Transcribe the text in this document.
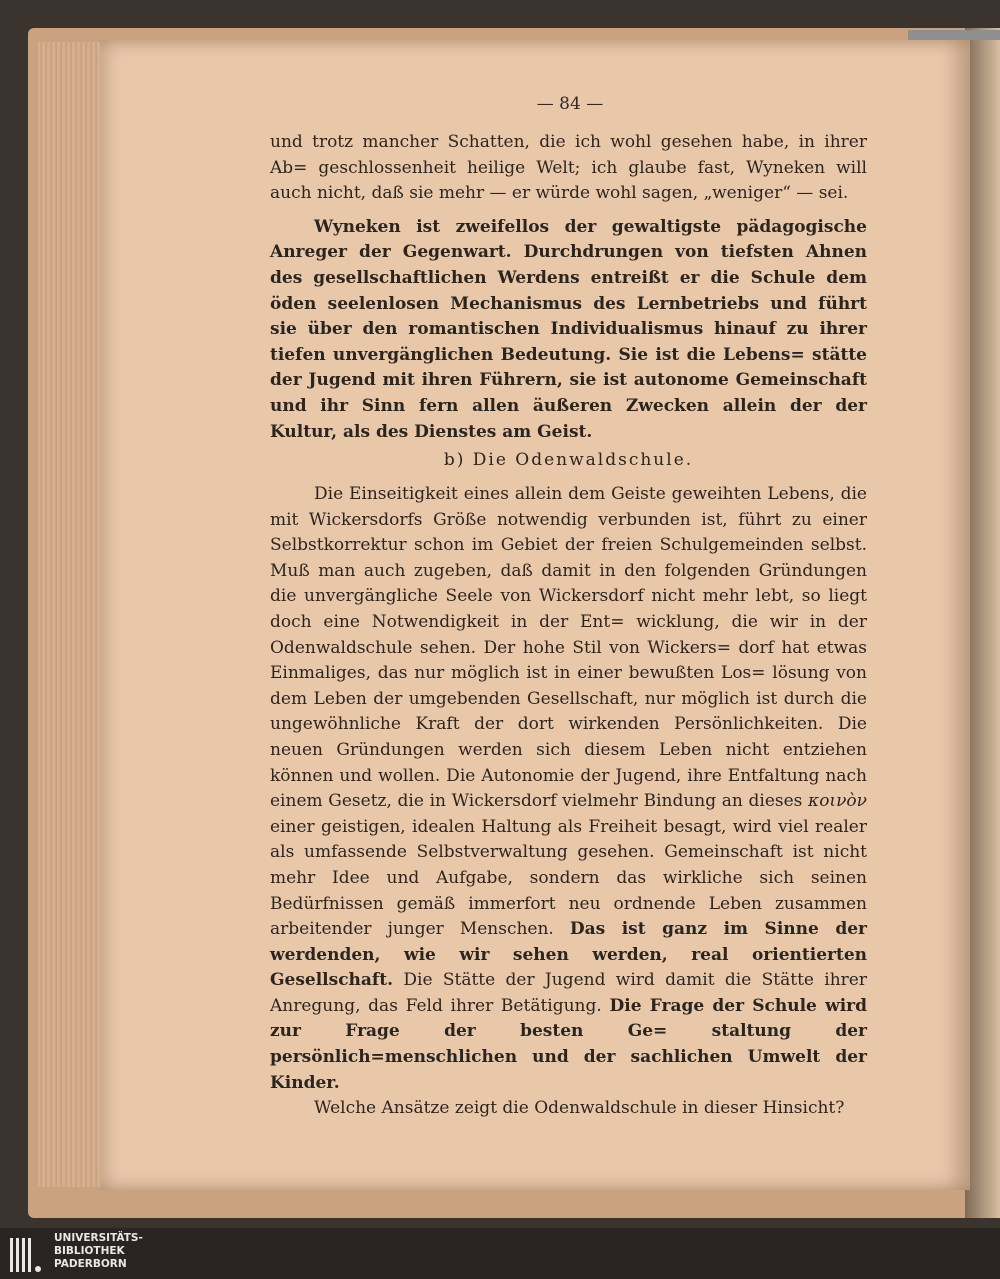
— 84 —

und trotz mancher Schatten, die ich wohl gesehen habe, in ihrer Ab= geschlossenheit heilige Welt; ich glaube fast, Wyneken will auch nicht, daß sie mehr — er würde wohl sagen, „weniger“ — sei.

Wyneken ist zweifellos der gewaltigste pädagogische Anreger der Gegenwart. Durchdrungen von tiefsten Ahnen des gesellschaftlichen Werdens entreißt er die Schule dem öden seelenlosen Mechanismus des Lernbetriebs und führt sie über den romantischen Individualismus hinauf zu ihrer tiefen unvergänglichen Bedeutung. Sie ist die Lebens= stätte der Jugend mit ihren Führern, sie ist autonome Gemeinschaft und ihr Sinn fern allen äußeren Zwecken allein der der Kultur, als des Dienstes am Geist.

b) Die Odenwaldschule.

Die Einseitigkeit eines allein dem Geiste geweihten Lebens, die mit Wickersdorfs Größe notwendig verbunden ist, führt zu einer Selbstkorrektur schon im Gebiet der freien Schulgemeinden selbst. Muß man auch zugeben, daß damit in den folgenden Gründungen die unvergängliche Seele von Wickersdorf nicht mehr lebt, so liegt doch eine Notwendigkeit in der Ent= wicklung, die wir in der Odenwaldschule sehen. Der hohe Stil von Wickers= dorf hat etwas Einmaliges, das nur möglich ist in einer bewußten Los= lösung von dem Leben der umgebenden Gesellschaft, nur möglich ist durch die ungewöhnliche Kraft der dort wirkenden Persönlichkeiten. Die neuen Gründungen werden sich diesem Leben nicht entziehen können und wollen. Die Autonomie der Jugend, ihre Entfaltung nach einem Gesetz, die in Wickersdorf vielmehr Bindung an dieses κοινὸν einer geistigen, idealen Haltung als Freiheit besagt, wird viel realer als umfassende Selbstverwaltung gesehen. Gemeinschaft ist nicht mehr Idee und Aufgabe, sondern das wirkliche sich seinen Bedürfnissen gemäß immerfort neu ordnende Leben zusammen arbeitender junger Menschen. Das ist ganz im Sinne der werdenden, wie wir sehen werden, real orientierten Gesellschaft. Die Stätte der Jugend wird damit die Stätte ihrer Anregung, das Feld ihrer Betätigung. Die Frage der Schule wird zur Frage der besten Ge= staltung der persönlich=menschlichen und der sachlichen Umwelt der Kinder.

Welche Ansätze zeigt die Odenwaldschule in dieser Hinsicht?

UNIVERSITÄTS-
BIBLIOTHEK
PADERBORN
